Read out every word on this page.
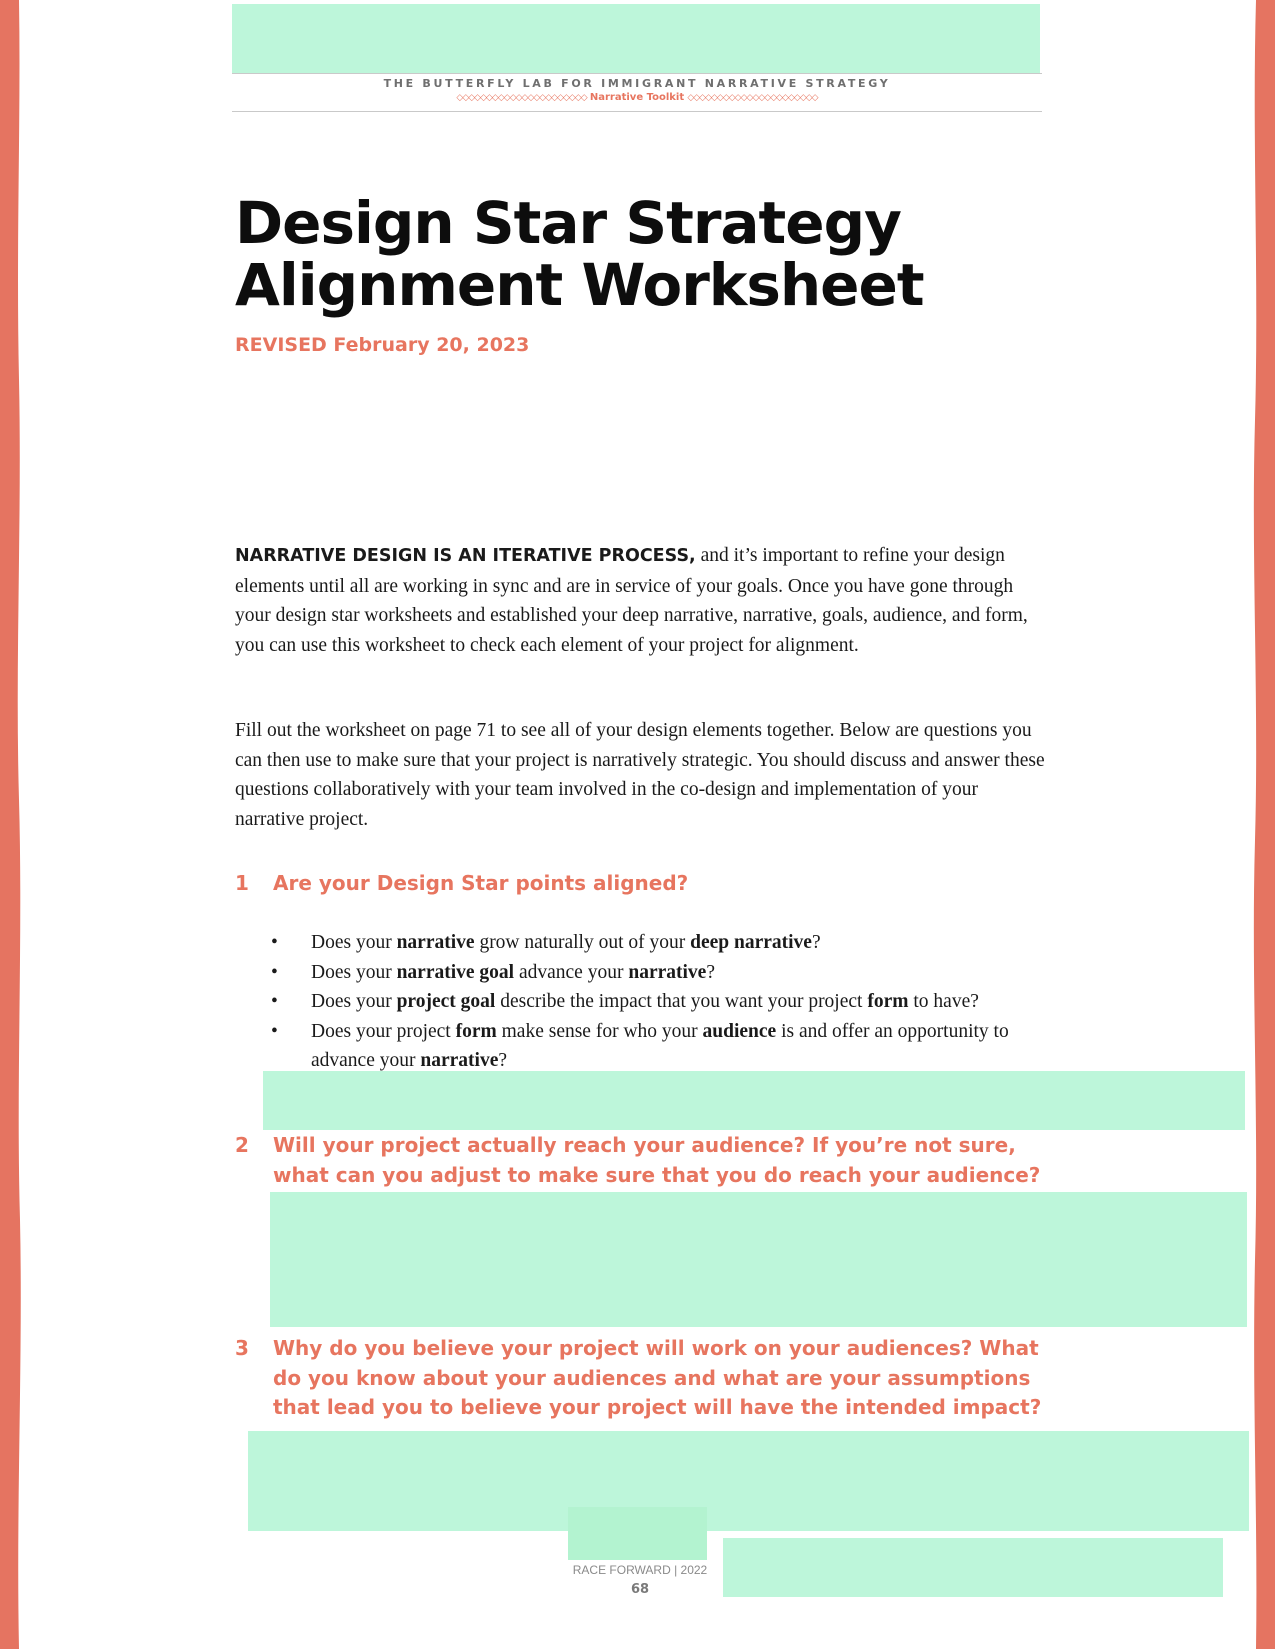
THE BUTTERFLY LAB FOR IMMIGRANT NARRATIVE STRATEGY
◇◇◇◇◇◇◇◇◇◇◇◇◇◇◇◇◇◇◇◇◇◇ Narrative Toolkit ◇◇◇◇◇◇◇◇◇◇◇◇◇◇◇◇◇◇◇◇◇◇
Design Star Strategy
Alignment Worksheet
REVISED February 20, 2023

NARRATIVE DESIGN IS AN ITERATIVE PROCESS, and it’s important to refine your design elements until all are working in sync and are in service of your goals. Once you have gone through your design star worksheets and established your deep narrative, narrative, goals, audience, and form, you can use this worksheet to check each element of your project for alignment.

Fill out the worksheet on page 71 to see all of your design elements together. Below are questions you can then use to make sure that your project is narratively strategic. You should discuss and answer these questions collaboratively with your team involved in the co-design and implementation of your narrative project.

1 Are your Design Star points aligned?

• Does your narrative grow naturally out of your deep narrative?
• Does your narrative goal advance your narrative?
• Does your project goal describe the impact that you want your project form to have?
• Does your project form make sense for who your audience is and offer an opportunity to advance your narrative?
2 Will your project actually reach your audience? If you’re not sure, what can you adjust to make sure that you do reach your audience?

3 Why do you believe your project will work on your audiences? What do you know about your audiences and what are your assumptions that lead you to believe your project will have the intended impact?

RACE FORWARD | 2022
68
